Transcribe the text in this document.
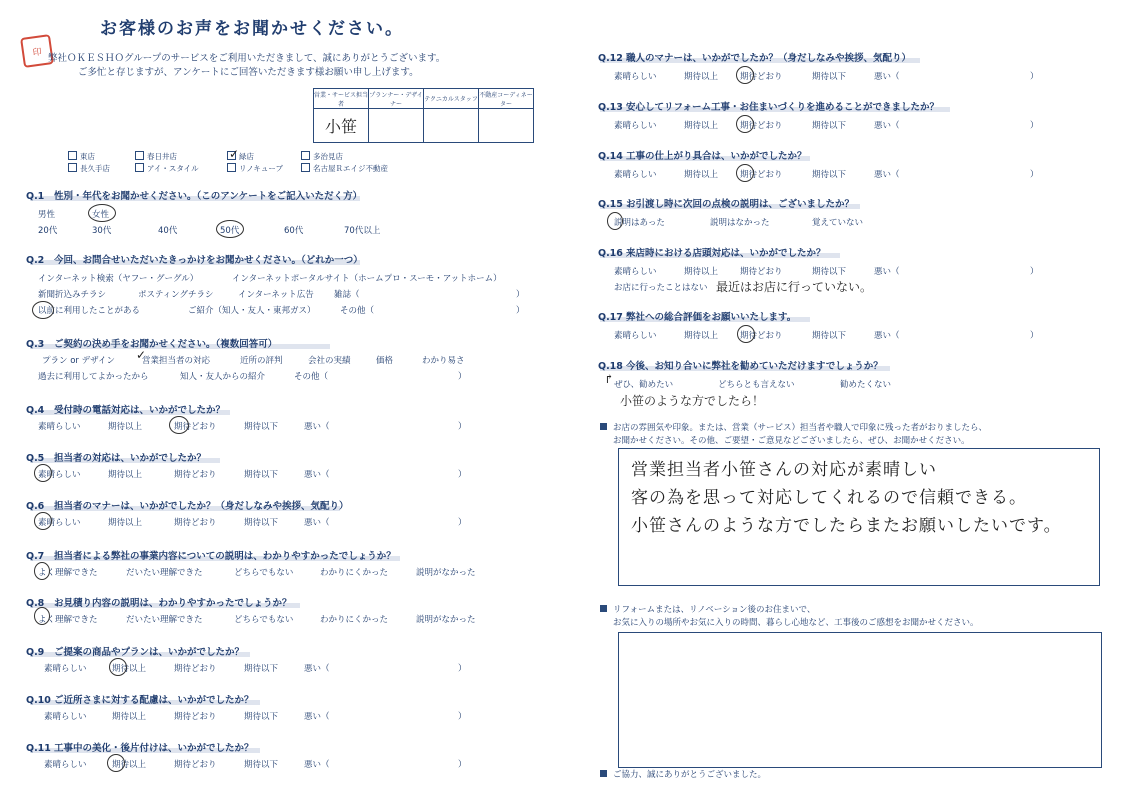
印
お客様のお声をお聞かせください。
弊社ＯＫＥＳＨＯグループのサービスをご利用いただきまして、誠にありがとうございます。
ご多忙と存じますが、アンケートにご回答いただきます様お願い申し上げます。
営業・サービス担当者	プランナー・デザイナー	テクニカルスタッフ	不動産コーディネーター
小笹			
東店	春日井店	緑店	多治見店
長久手店	アイ・スタイル	リノキューブ	名古屋Ｒエイジ不動産
✓
Q.1 性別・年代をお聞かせください。（このアンケートをご記入いただく方）
男性	女性
20代	30代	40代	50代	60代	70代以上
Q.2 今回、お問合せいただいたきっかけをお聞かせください。（どれか一つ）
インターネット検索（ヤフー・グーグル）	インターネットポータルサイト（ホームプロ・スーモ・アットホーム）
新聞折込みチラシ	ポスティングチラシ	インターネット広告 雑誌（	）
以前に利用したことがある	ご紹介（知人・友人・東邦ガス）	その他（	）
Q.3 ご契約の決め手をお聞かせください。（複数回答可）
プラン or デザイン	営業担当者の対応	近所の評判	会社の実績	価格	わかり易さ
過去に利用してよかったから	知人・友人からの紹介	その他（	）
✓
Q.4 受付時の電話対応は、いかがでしたか？
素晴らしい	期待以上	期待どおり	期待以下	悪い（	）
Q.5 担当者の対応は、いかがでしたか？
素晴らしい	期待以上	期待どおり	期待以下	悪い（	）
Q.6 担当者のマナーは、いかがでしたか？（身だしなみや挨拶、気配り）
素晴らしい	期待以上	期待どおり	期待以下	悪い（	）
Q.7 担当者による弊社の事業内容についての説明は、わかりやすかったでしょうか？
よく理解できた	だいたい理解できた	どちらでもない	わかりにくかった	説明がなかった
Q.8 お見積り内容の説明は、わかりやすかったでしょうか？
よく理解できた	だいたい理解できた	どちらでもない	わかりにくかった	説明がなかった
Q.9 ご提案の商品やプランは、いかがでしたか？
素晴らしい	期待以上	期待どおり	期待以下	悪い（	）
Q.10 ご近所さまに対する配慮は、いかがでしたか？
素晴らしい	期待以上	期待どおり	期待以下	悪い（	）
Q.11 工事中の美化・後片付けは、いかがでしたか？
素晴らしい	期待以上	期待どおり	期待以下	悪い（	）
Q.12 職人のマナーは、いかがでしたか？（身だしなみや挨拶、気配り）
素晴らしい	期待以上	期待どおり	期待以下	悪い（	）
Q.13 安心してリフォーム工事・お住まいづくりを進めることができましたか？
素晴らしい	期待以上	期待どおり	期待以下	悪い（	）
Q.14 工事の仕上がり具合は、いかがでしたか？
素晴らしい	期待以上	期待どおり	期待以下	悪い（	）
Q.15 お引渡し時に次回の点検の説明は、ございましたか？
説明はあった	説明はなかった	覚えていない
Q.16 来店時における店頭対応は、いかがでしたか？
素晴らしい	期待以上	期待どおり	期待以下	悪い（	）
お店に行ったことはない 最近はお店に行っていない。
Q.17 弊社への総合評価をお願いいたします。
素晴らしい	期待以上	期待どおり	期待以下	悪い（	）
Q.18 今後、お知り合いに弊社を勧めていただけますでしょうか？
ぜひ、勧めたい	どちらとも言えない	勧めたくない
↱
小笹のような方でしたら！
お店の雰囲気や印象。または、営業（サービス）担当者や職人で印象に残った者がおりましたら、
お聞かせください。その他、ご要望・ご意見などございましたら、ぜひ、お聞かせください。
営業担当者小笹さんの対応が素晴しい
客の為を思って対応してくれるので信頼できる。
小笹さんのような方でしたらまたお願いしたいです。
リフォームまたは、リノベーション後のお住まいで、
お気に入りの場所やお気に入りの時間、暮らし心地など、工事後のご感想をお聞かせください。
ご協力、誠にありがとうございました。
